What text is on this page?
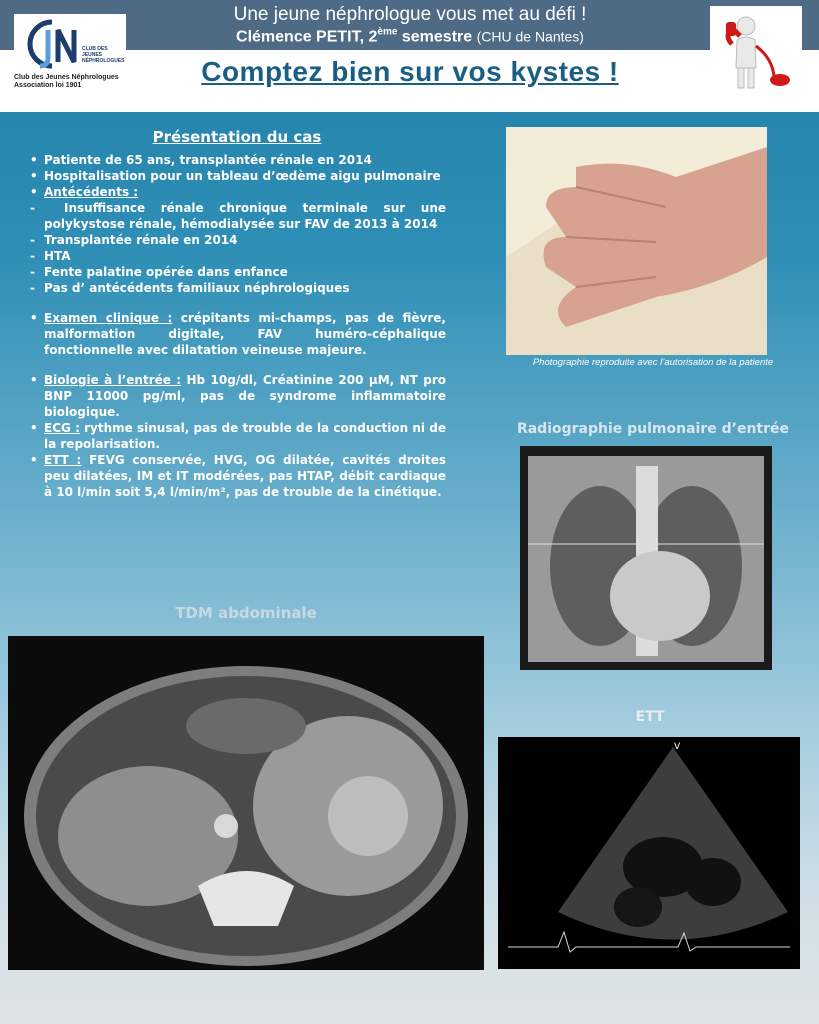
CLUB DES JEUNES NÉPHROLOGUES
Club des Jeunes Néphrologues Association loi 1901
Une jeune néphrologue vous met au défi !
Clémence PETIT, 2ème semestre (CHU de Nantes)
Comptez bien sur vos kystes !
Présentation du cas

• Patiente de 65 ans, transplantée rénale en 2014

• Hospitalisation pour un tableau d’œdème aigu pulmonaire

• Antécédents :

- Insuffisance rénale chronique terminale sur une polykystose rénale, hémodialysée sur FAV de 2013 à 2014

- Transplantée rénale en 2014

- HTA

- Fente palatine opérée dans enfance

- Pas d’ antécédents familiaux néphrologiques

• Examen clinique : crépitants mi-champs, pas de fièvre, malformation digitale, FAV huméro-céphalique fonctionnelle avec dilatation veineuse majeure.

• Biologie à l’entrée : Hb 10g/dl, Créatinine 200 µM, NT pro BNP 11000 pg/ml, pas de syndrome inflammatoire biologique.

• ECG : rythme sinusal, pas de trouble de la conduction ni de la repolarisation.

• ETT : FEVG conservée, HVG, OG dilatée, cavités droites peu dilatées, IM et IT modérées, pas HTAP, débit cardiaque à 10 l/min soit 5,4 l/min/m², pas de trouble de la cinétique.

TDM abdominale
Photographie reproduite avec l’autorisation de la patiente
Radiographie pulmonaire d’entrée
ETT
V
